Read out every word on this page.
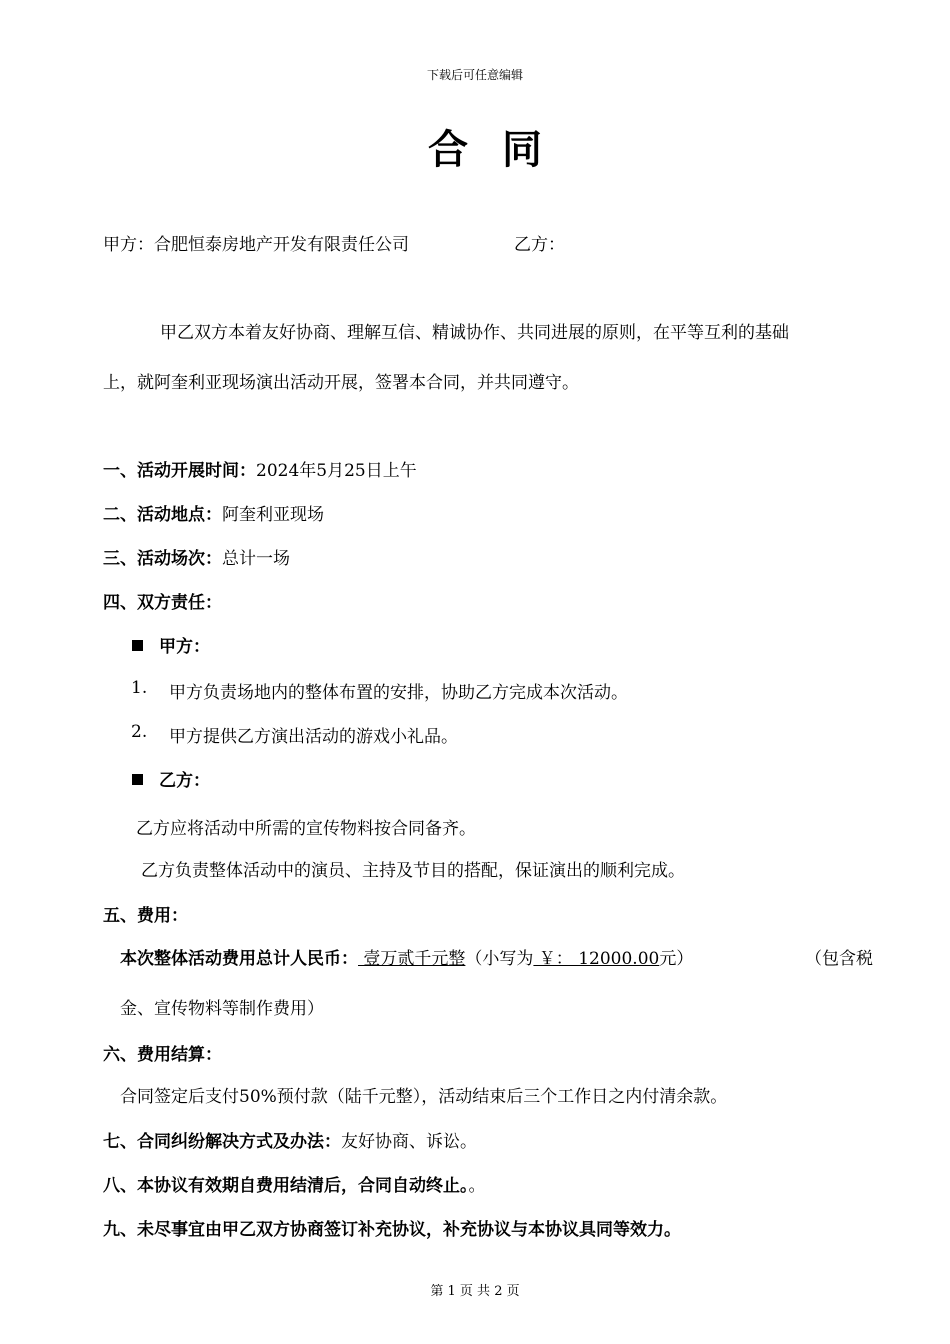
下载后可任意编辑
合 同
甲方：合肥恒泰房地产开发有限责任公司	乙方：
甲乙双方本着友好协商、理解互信、精诚协作、共同进展的原则，在平等互利的基础
上，就阿奎利亚现场演出活动开展，签署本合同，并共同遵守。
一、活动开展时间：2024年5月25日上午
二、活动地点：阿奎利亚现场
三、活动场次：总计一场
四、双方责任：
甲方：
1. 甲方负责场地内的整体布置的安排，协助乙方完成本次活动。
2. 甲方提供乙方演出活动的游戏小礼品。
乙方：
乙方应将活动中所需的宣传物料按合同备齐。
乙方负责整体活动中的演员、主持及节目的搭配，保证演出的顺利完成。
五、费用：
本次整体活动费用总计人民币： 壹万贰千元整（小写为 ￥： 12000.00元）	（包含税
金、宣传物料等制作费用）
六、费用结算：
合同签定后支付50%预付款（陆千元整），活动结束后三个工作日之内付清余款。
七、合同纠纷解决方式及办法：友好协商、诉讼。
八、本协议有效期自费用结清后，合同自动终止。。
九、未尽事宜由甲乙双方协商签订补充协议，补充协议与本协议具同等效力。
第 1 页 共 2 页
